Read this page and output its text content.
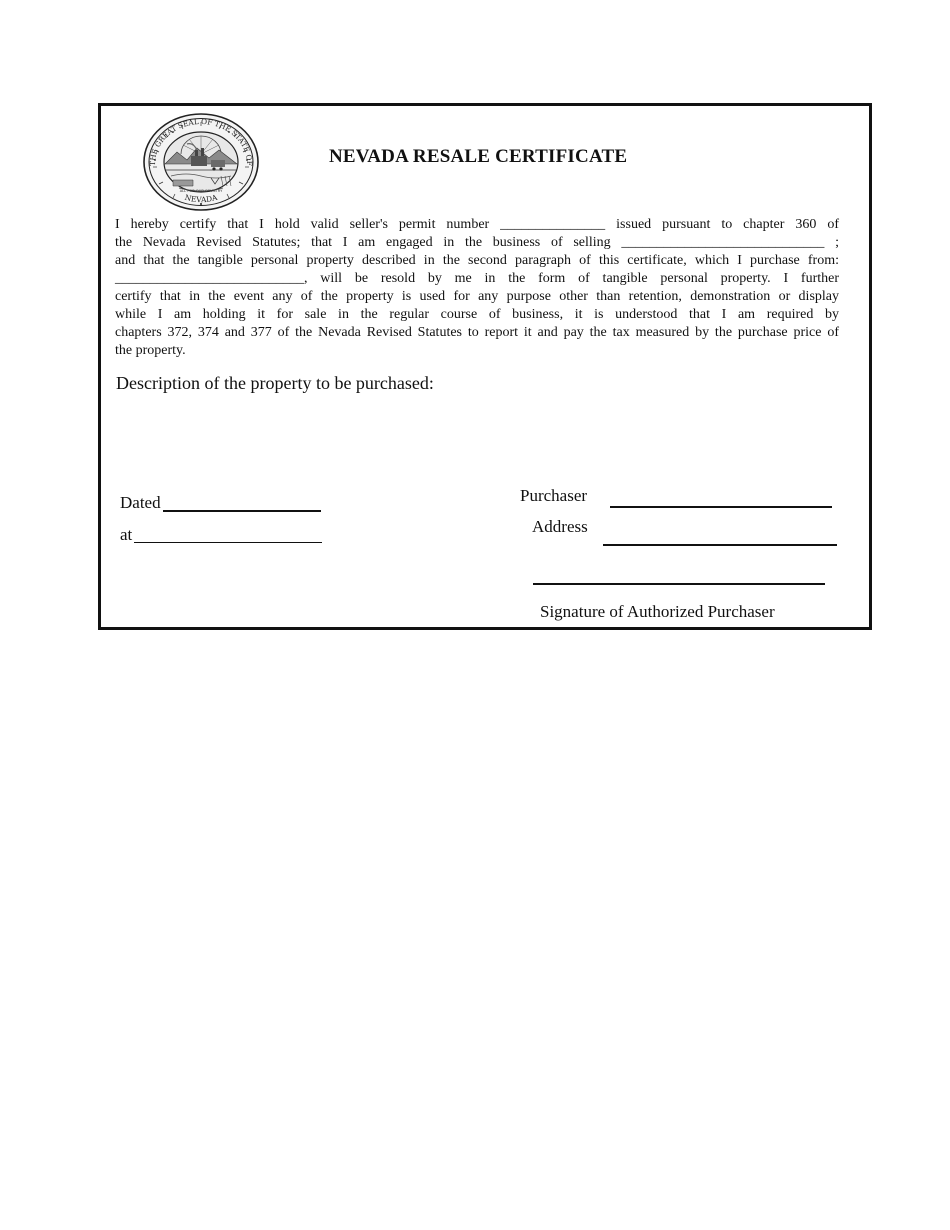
THE GREAT SEAL OF THE STATE OF
NEVADA
ALL FOR OUR COUNTRY
NEVADA RESALE CERTIFICATE
I hereby certify that I hold valid seller's permit number _______________ issued pursuant to chapter 360 of
the Nevada Revised Statutes; that I am engaged in the business of selling _____________________________ ;
and that the tangible personal property described in the second paragraph of this certificate, which I purchase from:
___________________________, will be resold by me in the form of tangible personal property. I further
certify that in the event any of the property is used for any purpose other than retention, demonstration or display
while I am holding it for sale in the regular course of business, it is understood that I am required by
chapters 372, 374 and 377 of the Nevada Revised Statutes to report it and pay the tax measured by the purchase price of
the property.
Description of the property to be purchased:
Dated
at
Purchaser
Address
Signature of Authorized Purchaser
